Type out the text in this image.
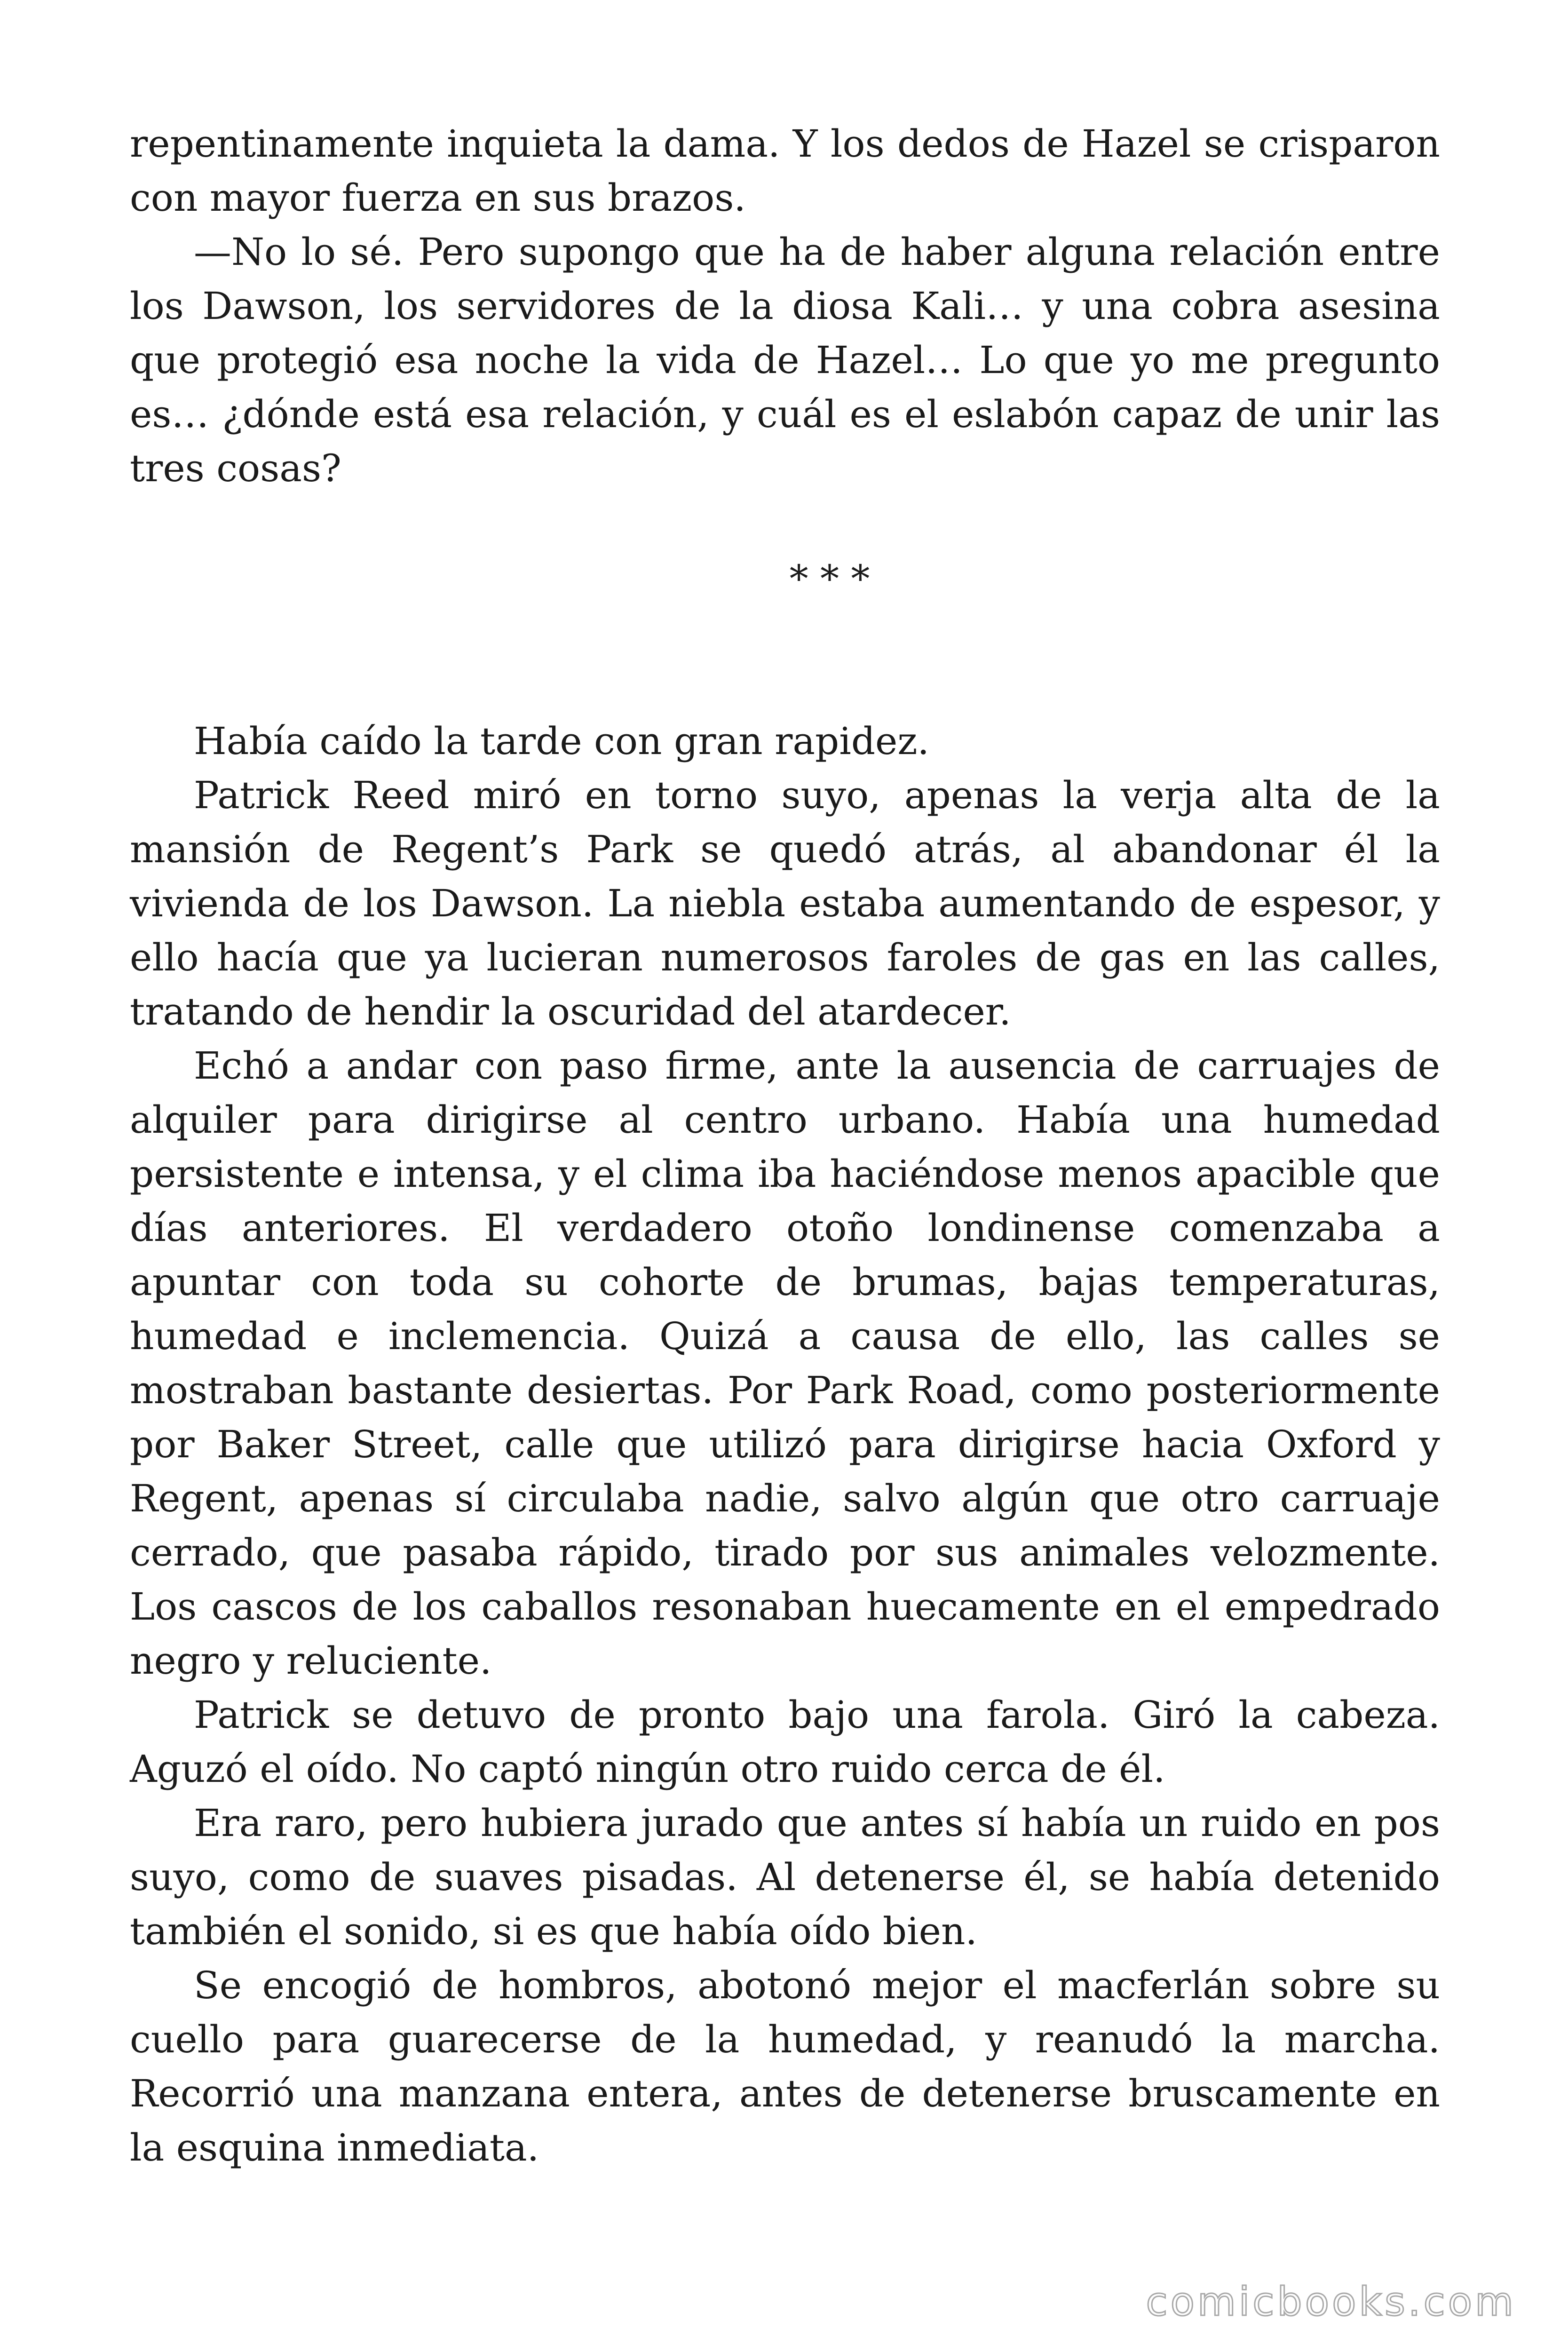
repentinamente inquieta la dama. Y los dedos de Hazel se crisparon con mayor fuerza en sus brazos.

—No lo sé. Pero supongo que ha de haber alguna relación entre los Dawson, los servidores de la diosa Kali… y una cobra asesina que protegió esa noche la vida de Hazel… Lo que yo me pregunto es… ¿dónde está esa relación, y cuál es el eslabón capaz de unir las tres cosas?

* * *

Había caído la tarde con gran rapidez.

Patrick Reed miró en torno suyo, apenas la verja alta de la mansión de Regent’s Park se quedó atrás, al abandonar él la vivienda de los Dawson. La niebla estaba aumentando de espesor, y ello hacía que ya lucieran numerosos faroles de gas en las calles, tratando de hendir la oscuridad del atardecer.

Echó a andar con paso firme, ante la ausencia de carruajes de alquiler para dirigirse al centro urbano. Había una humedad persistente e intensa, y el clima iba haciéndose menos apacible que días anteriores. El verdadero otoño londinense comenzaba a apuntar con toda su cohorte de brumas, bajas temperaturas, humedad e inclemencia. Quizá a causa de ello, las calles se mostraban bastante desiertas. Por Park Road, como posteriormente por Baker Street, calle que utilizó para dirigirse hacia Oxford y Regent, apenas sí circulaba nadie, salvo algún que otro carruaje cerrado, que pasaba rápido, tirado por sus animales velozmente. Los cascos de los caballos resonaban huecamente en el empedrado negro y reluciente.

Patrick se detuvo de pronto bajo una farola. Giró la cabeza. Aguzó el oído. No captó ningún otro ruido cerca de él.

Era raro, pero hubiera jurado que antes sí había un ruido en pos suyo, como de suaves pisadas. Al detenerse él, se había detenido también el sonido, si es que había oído bien.

Se encogió de hombros, abotonó mejor el macferlán sobre su cuello para guarecerse de la humedad, y reanudó la marcha. Recorrió una manzana entera, antes de detenerse bruscamente en la esquina inmediata.

comicbooks.com
